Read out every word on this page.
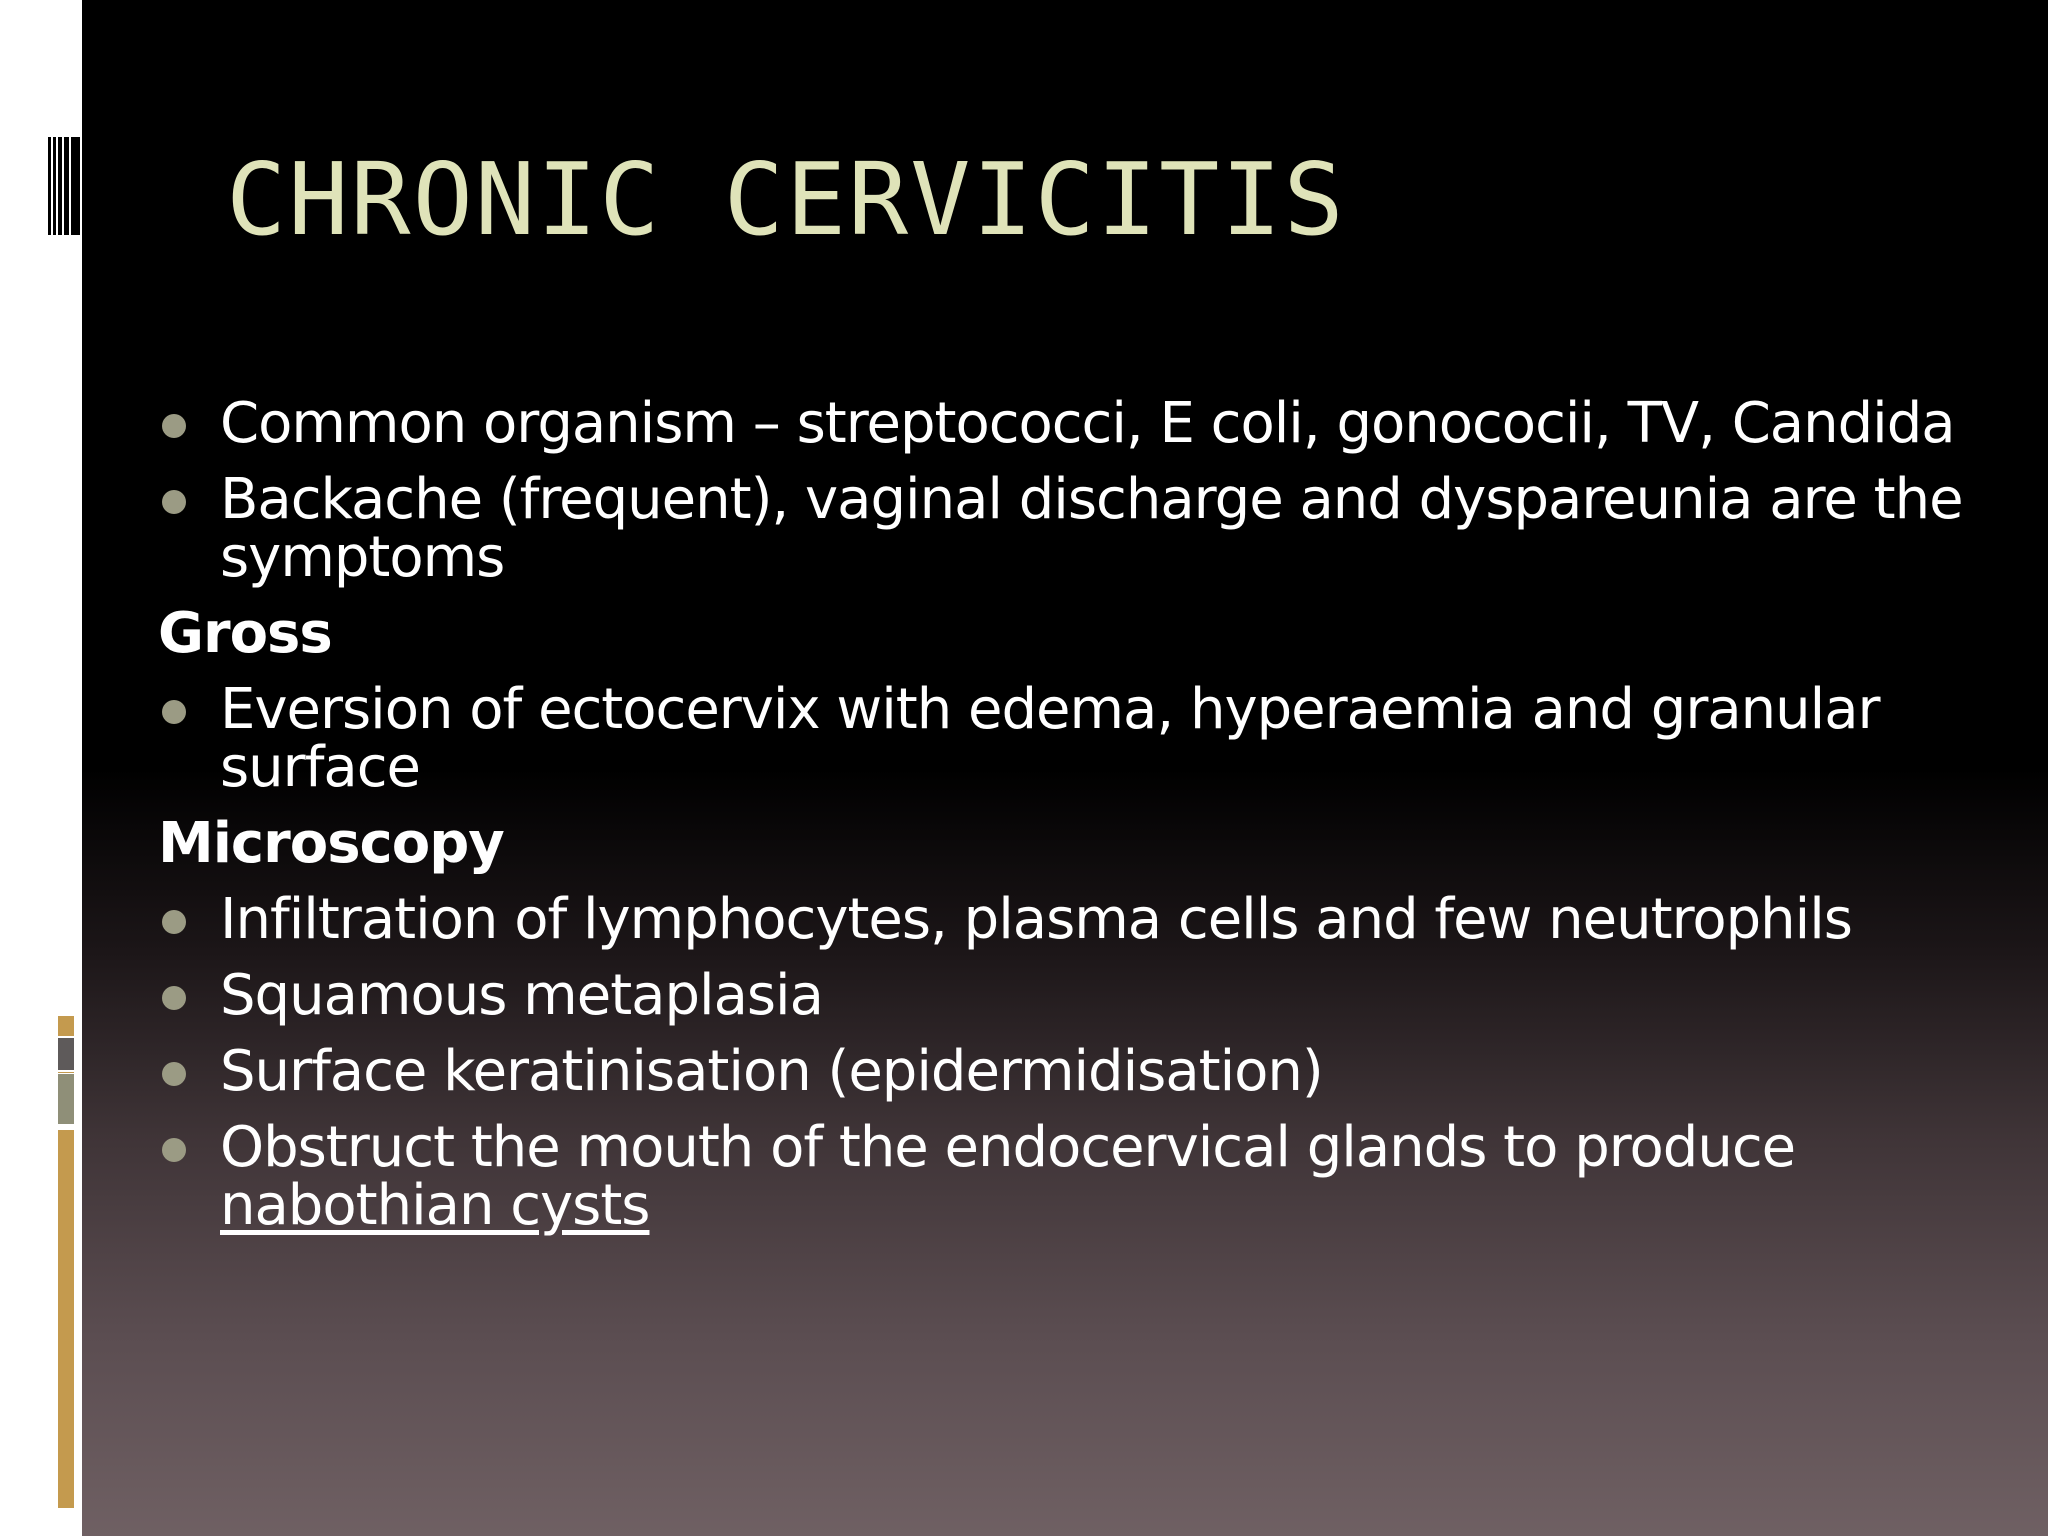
CHRONIC CERVICITIS
Common organism – streptococci, E coli, gonococii, TV, Candida
Backache (frequent), vaginal discharge and dyspareunia are the symptoms
Gross
Eversion of ectocervix with edema, hyperaemia and granular surface
Microscopy
Infiltration of lymphocytes, plasma cells and few neutrophils
Squamous metaplasia
Surface keratinisation (epidermidisation)
Obstruct the mouth of the endocervical glands to produce
nabothian cysts
